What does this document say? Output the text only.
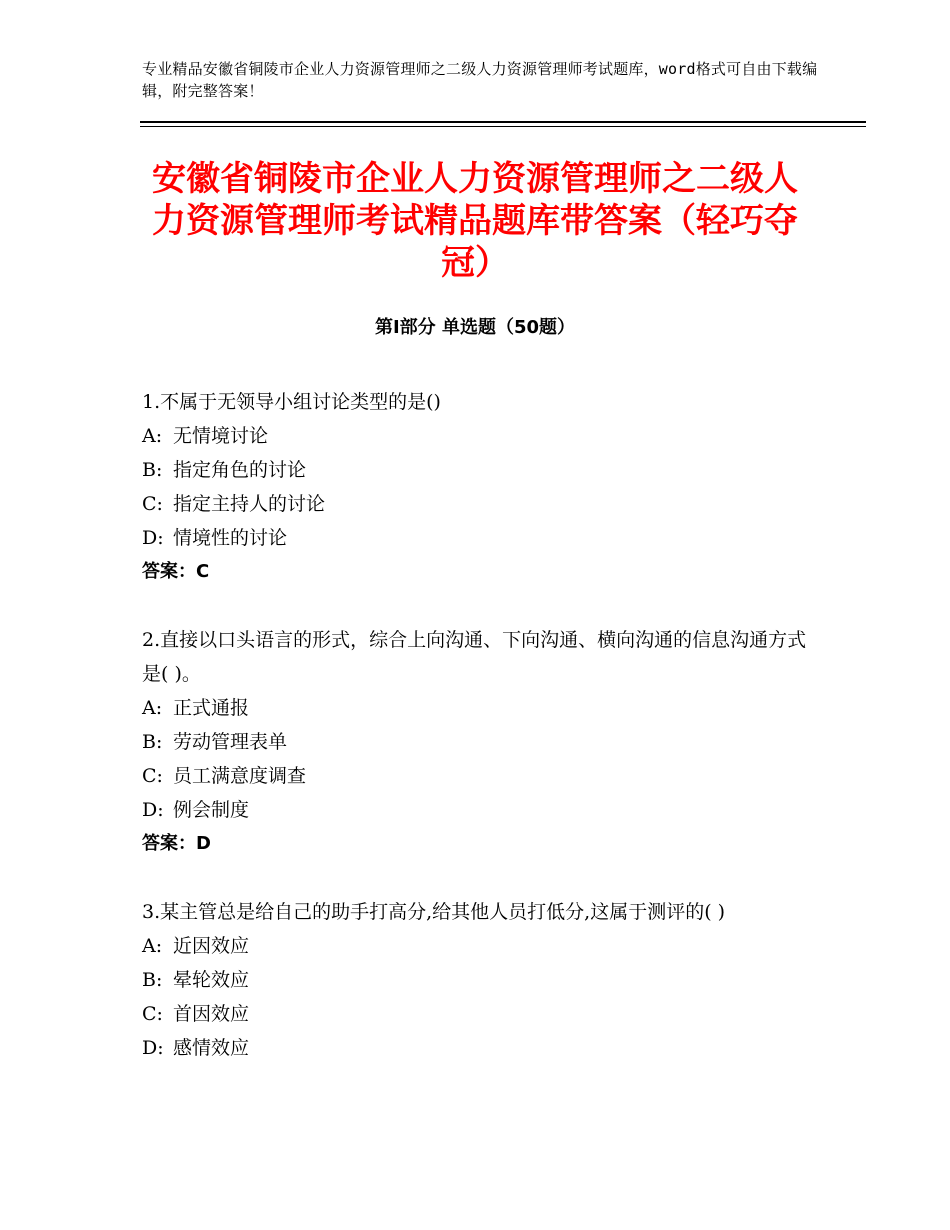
专业精品安徽省铜陵市企业人力资源管理师之二级人力资源管理师考试题库，word格式可自由下载编辑，附完整答案！
安徽省铜陵市企业人力资源管理师之二级人力资源管理师考试精品题库带答案（轻巧夺冠）
第Ⅰ部分 单选题（50题）

1.不属于无领导小组讨论类型的是()

A: 无情境讨论

B: 指定角色的讨论

C: 指定主持人的讨论

D: 情境性的讨论

答案：C

2.直接以口头语言的形式，综合上向沟通、下向沟通、横向沟通的信息沟通方式是( )。

A: 正式通报

B: 劳动管理表单

C: 员工满意度调查

D: 例会制度

答案：D

3.某主管总是给自己的助手打高分,给其他人员打低分,这属于测评的( )

A: 近因效应

B: 晕轮效应

C: 首因效应

D: 感情效应
